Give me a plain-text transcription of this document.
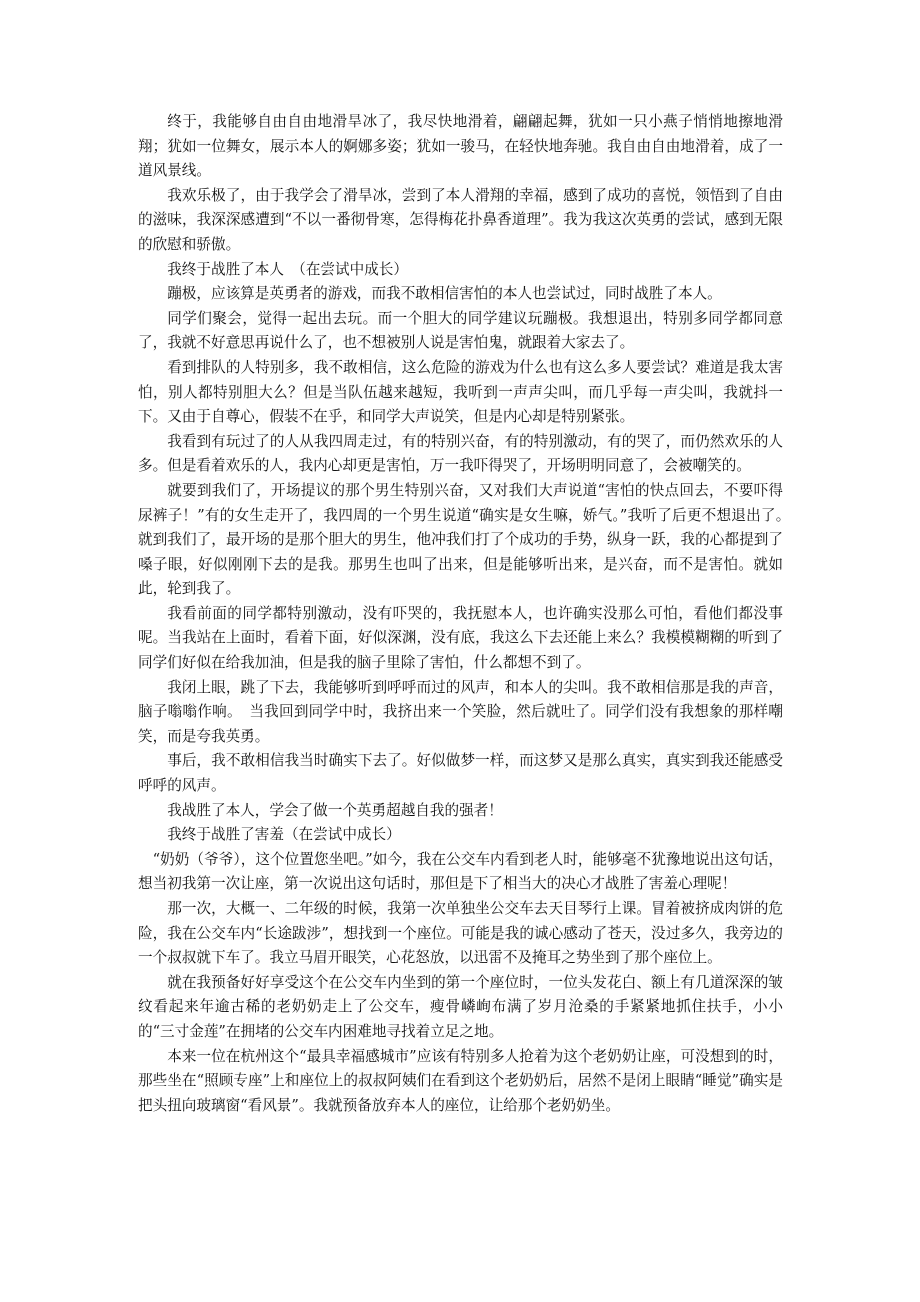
终于，我能够自由自由地滑旱冰了，我尽快地滑着，翩翩起舞，犹如一只小燕子悄悄地擦地滑翔；犹如一位舞女，展示本人的婀娜多姿；犹如一骏马，在轻快地奔驰。我自由自由地滑着，成了一道风景线。

我欢乐极了，由于我学会了滑旱冰，尝到了本人滑翔的幸福，感到了成功的喜悦，领悟到了自由的滋味，我深深感遭到“不以一番彻骨寒，怎得梅花扑鼻香道理”。我为我这次英勇的尝试，感到无限的欣慰和骄傲。

我终于战胜了本人　（在尝试中成长）

蹦极，应该算是英勇者的游戏，而我不敢相信害怕的本人也尝试过，同时战胜了本人。

同学们聚会，觉得一起出去玩。而一个胆大的同学建议玩蹦极。我想退出，特别多同学都同意了，我就不好意思再说什么了，也不想被别人说是害怕鬼，就跟着大家去了。

看到排队的人特别多，我不敢相信，这么危险的游戏为什么也有这么多人要尝试？难道是我太害怕，别人都特别胆大么？但是当队伍越来越短，我听到一声声尖叫，而几乎每一声尖叫，我就抖一下。又由于自尊心，假装不在乎，和同学大声说笑，但是内心却是特别紧张。

我看到有玩过了的人从我四周走过，有的特别兴奋，有的特别激动，有的哭了，而仍然欢乐的人多。但是看着欢乐的人，我内心却更是害怕，万一我吓得哭了，开场明明同意了，会被嘲笑的。

就要到我们了，开场提议的那个男生特别兴奋，又对我们大声说道“害怕的快点回去，不要吓得尿裤子！”有的女生走开了，我四周的一个男生说道“确实是女生嘛，娇气。”我听了后更不想退出了。　就到我们了，最开场的是那个胆大的男生，他冲我们打了个成功的手势，纵身一跃，我的心都提到了嗓子眼，好似刚刚下去的是我。那男生也叫了出来，但是能够听出来，是兴奋，而不是害怕。就如此，轮到我了。

我看前面的同学都特别激动，没有吓哭的，我抚慰本人，也许确实没那么可怕，看他们都没事呢。当我站在上面时，看着下面，好似深渊，没有底，我这么下去还能上来么？我模模糊糊的听到了同学们好似在给我加油，但是我的脑子里除了害怕，什么都想不到了。

我闭上眼，跳了下去，我能够听到呼呼而过的风声，和本人的尖叫。我不敢相信那是我的声音，脑子嗡嗡作响。　当我回到同学中时，我挤出来一个笑脸，然后就吐了。同学们没有我想象的那样嘲笑，而是夸我英勇。

事后，我不敢相信我当时确实下去了。好似做梦一样，而这梦又是那么真实，真实到我还能感受呼呼的风声。

我战胜了本人，学会了做一个英勇超越自我的强者！

我终于战胜了害羞（在尝试中成长）

“奶奶（爷爷），这个位置您坐吧。”如今，我在公交车内看到老人时，能够毫不犹豫地说出这句话，想当初我第一次让座，第一次说出这句话时，那但是下了相当大的决心才战胜了害羞心理呢！

那一次，大概一、二年级的时候，我第一次单独坐公交车去天目琴行上课。冒着被挤成肉饼的危险，我在公交车内“长途跋涉”，想找到一个座位。可能是我的诚心感动了苍天，没过多久，我旁边的一个叔叔就下车了。我立马眉开眼笑，心花怒放，以迅雷不及掩耳之势坐到了那个座位上。

就在我预备好好享受这个在公交车内坐到的第一个座位时，一位头发花白、额上有几道深深的皱纹看起来年逾古稀的老奶奶走上了公交车，瘦骨嶙峋布满了岁月沧桑的手紧紧地抓住扶手，小小的“三寸金莲”在拥堵的公交车内困难地寻找着立足之地。

本来一位在杭州这个“最具幸福感城市”应该有特别多人抢着为这个老奶奶让座，可没想到的时，那些坐在“照顾专座”上和座位上的叔叔阿姨们在看到这个老奶奶后，居然不是闭上眼睛“睡觉”确实是把头扭向玻璃窗“看风景”。我就预备放弃本人的座位，让给那个老奶奶坐。
